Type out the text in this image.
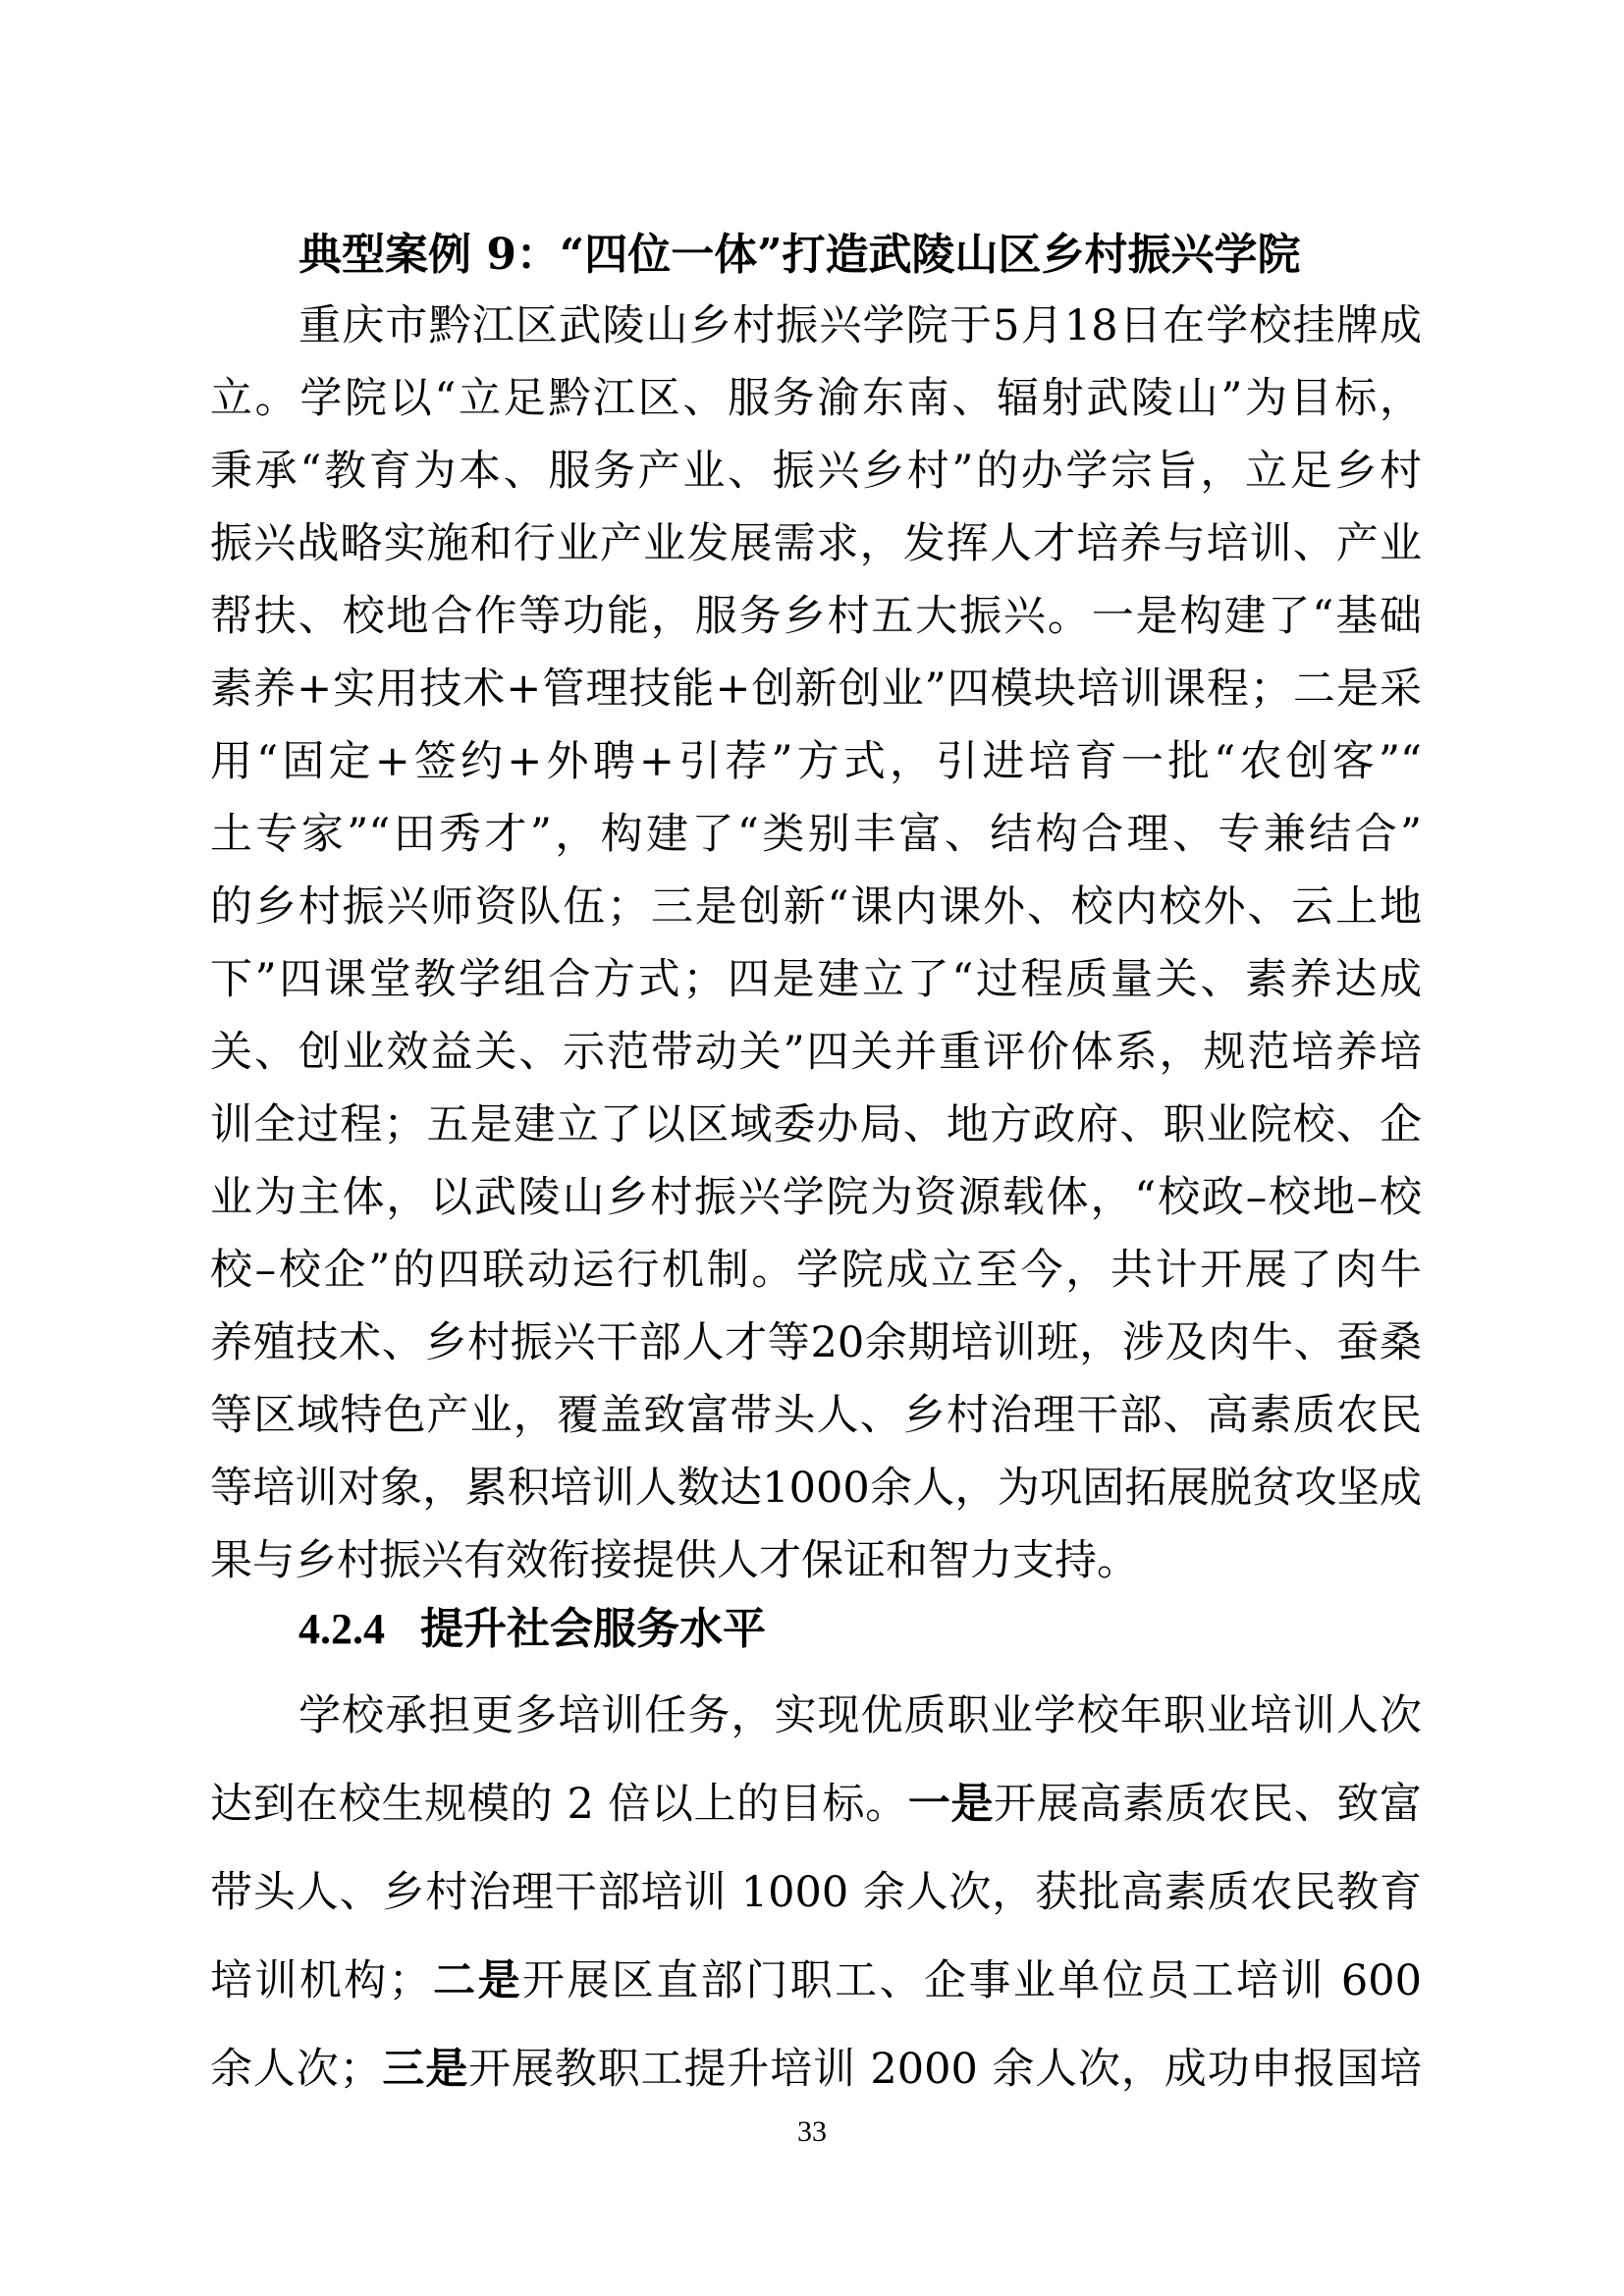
典型案例 9：“四位一体”打造武陵山区乡村振兴学院
重庆市黔江区武陵山乡村振兴学院于5月18日在学校挂牌成
立。学院以“立足黔江区、服务渝东南、辐射武陵山”为目标，
秉承“教育为本、服务产业、振兴乡村”的办学宗旨，立足乡村
振兴战略实施和行业产业发展需求，发挥人才培养与培训、产业
帮扶、校地合作等功能，服务乡村五大振兴。一是构建了“基础
素养+实用技术+管理技能+创新创业”四模块培训课程；二是采
用“固定+签约+外聘+引荐”方式，引进培育一批“农创客”“
土专家”“田秀才”，构建了“类别丰富、结构合理、专兼结合”
的乡村振兴师资队伍；三是创新“课内课外、校内校外、云上地
下”四课堂教学组合方式；四是建立了“过程质量关、素养达成
关、创业效益关、示范带动关”四关并重评价体系，规范培养培
训全过程；五是建立了以区域委办局、地方政府、职业院校、企
业为主体，以武陵山乡村振兴学院为资源载体，“校政–校地–校
校–校企”的四联动运行机制。学院成立至今，共计开展了肉牛
养殖技术、乡村振兴干部人才等20余期培训班，涉及肉牛、蚕桑
等区域特色产业，覆盖致富带头人、乡村治理干部、高素质农民
等培训对象，累积培训人数达1000余人，为巩固拓展脱贫攻坚成
果与乡村振兴有效衔接提供人才保证和智力支持。
4.2.4 提升社会服务水平
学校承担更多培训任务，实现优质职业学校年职业培训人次
达到在校生规模的 2 倍以上的目标。一是开展高素质农民、致富
带头人、乡村治理干部培训 1000 余人次，获批高素质农民教育
培训机构；二是开展区直部门职工、企事业单位员工培训 600
余人次；三是开展教职工提升培训 2000 余人次，成功申报国培
33
